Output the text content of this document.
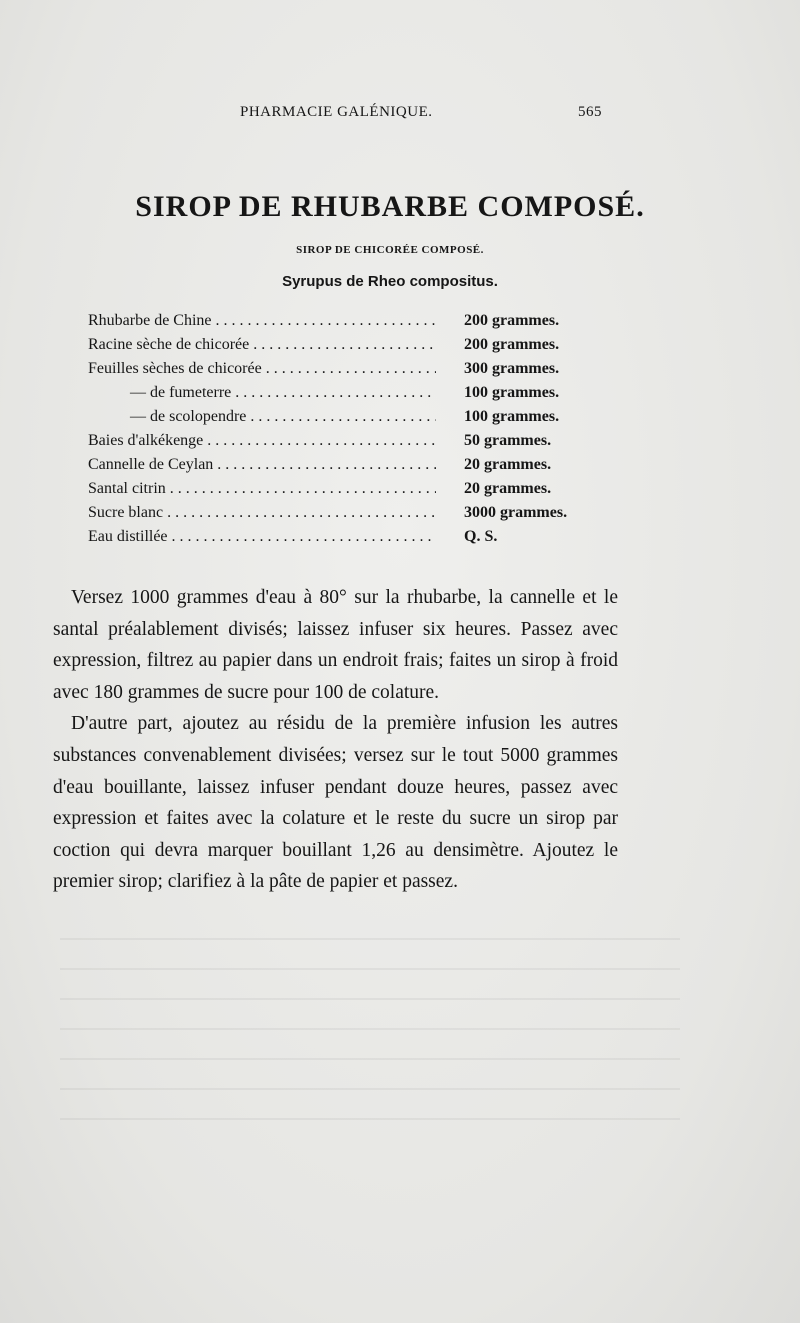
PHARMACIE GALÉNIQUE.	565
SIROP DE RHUBARBE COMPOSÉ.
SIROP DE CHICORÉE COMPOSÉ.
Syrupus de Rheo compositus.
Rhubarbe de Chine . . .	200 grammes.
Racine sèche de chicorée . . .	200 grammes.
Feuilles sèches de chicorée . . .	300 grammes.
— de fumeterre . . .	100 grammes.
— de scolopendre . . .	100 grammes.
Baies d'alkékenge . . .	50 grammes.
Cannelle de Ceylan . . .	20 grammes.
Santal citrin . . .	20 grammes.
Sucre blanc . . .	3000 grammes.
Eau distillée . . .	Q. S.

Versez 1000 grammes d'eau à 80° sur la rhubarbe, la cannelle et le santal préalablement divisés; laissez infuser six heures. Passez avec expression, filtrez au papier dans un endroit frais; faites un sirop à froid avec 180 grammes de sucre pour 100 de colature.

D'autre part, ajoutez au résidu de la première infusion les autres substances convenablement divisées; versez sur le tout 5000 grammes d'eau bouillante, laissez infuser pendant douze heures, passez avec expression et faites avec la colature et le reste du sucre un sirop par coction qui devra marquer bouillant 1,26 au densimètre. Ajoutez le premier sirop; clarifiez à la pâte de papier et passez.
